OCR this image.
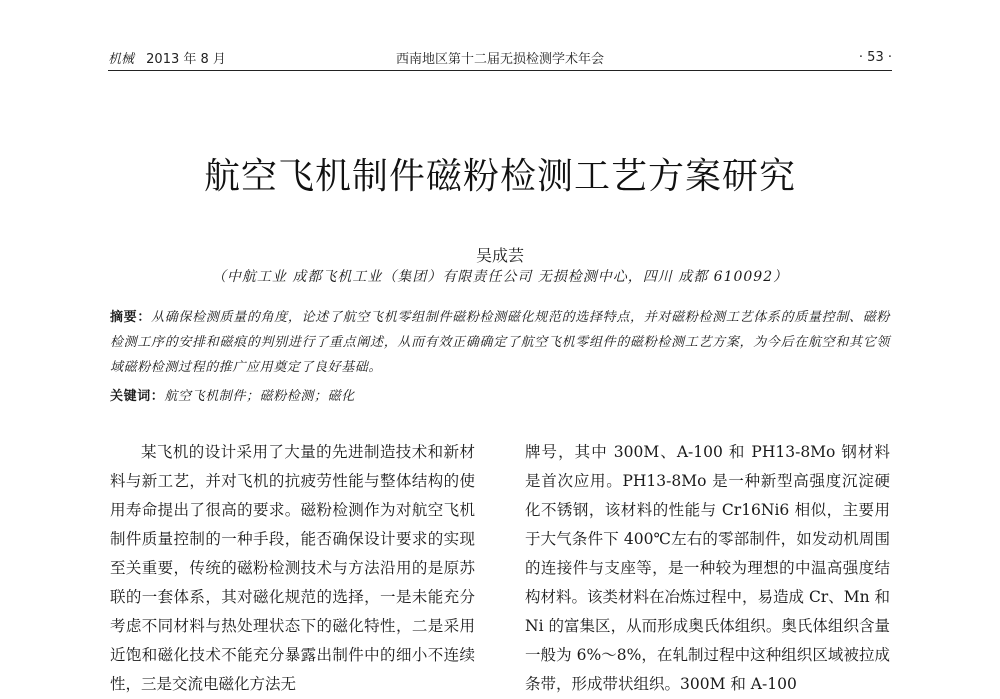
机械 2013 年 8 月	西南地区第十二届无损检测学术年会	· 53 ·
航空飞机制件磁粉检测工艺方案研究
吴成芸
（中航工业 成都飞机工业（集团）有限责任公司 无损检测中心，四川 成都 610092）
摘要：从确保检测质量的角度，论述了航空飞机零组制件磁粉检测磁化规范的选择特点，并对磁粉检测工艺体系的质量控制、磁粉检测工序的安排和磁痕的判别进行了重点阐述，从而有效正确确定了航空飞机零组件的磁粉检测工艺方案，为今后在航空和其它领域磁粉检测过程的推广应用奠定了良好基础。
关键词：航空飞机制件；磁粉检测；磁化

某飞机的设计采用了大量的先进制造技术和新材料与新工艺，并对飞机的抗疲劳性能与整体结构的使用寿命提出了很高的要求。磁粉检测作为对航空飞机制件质量控制的一种手段，能否确保设计要求的实现至关重要，传统的磁粉检测技术与方法沿用的是原苏联的一套体系，其对磁化规范的选择，一是未能充分考虑不同材料与热处理状态下的磁化特性，二是采用近饱和磁化技术不能充分暴露出制件中的细小不连续性，三是交流电磁化方法无

牌号，其中 300M、A-100 和 PH13-8Mo 钢材料是首次应用。PH13-8Mo 是一种新型高强度沉淀硬化不锈钢，该材料的性能与 Cr16Ni6 相似，主要用于大气条件下 400℃左右的零部制件，如发动机周围的连接件与支座等，是一种较为理想的中温高强度结构材料。该类材料在冶炼过程中，易造成 Cr、Mn 和 Ni 的富集区，从而形成奥氏体组织。奥氏体组织含量一般为 6%～8%，在轧制过程中这种组织区域被拉成条带，形成带状组织。300M 和 A-100
